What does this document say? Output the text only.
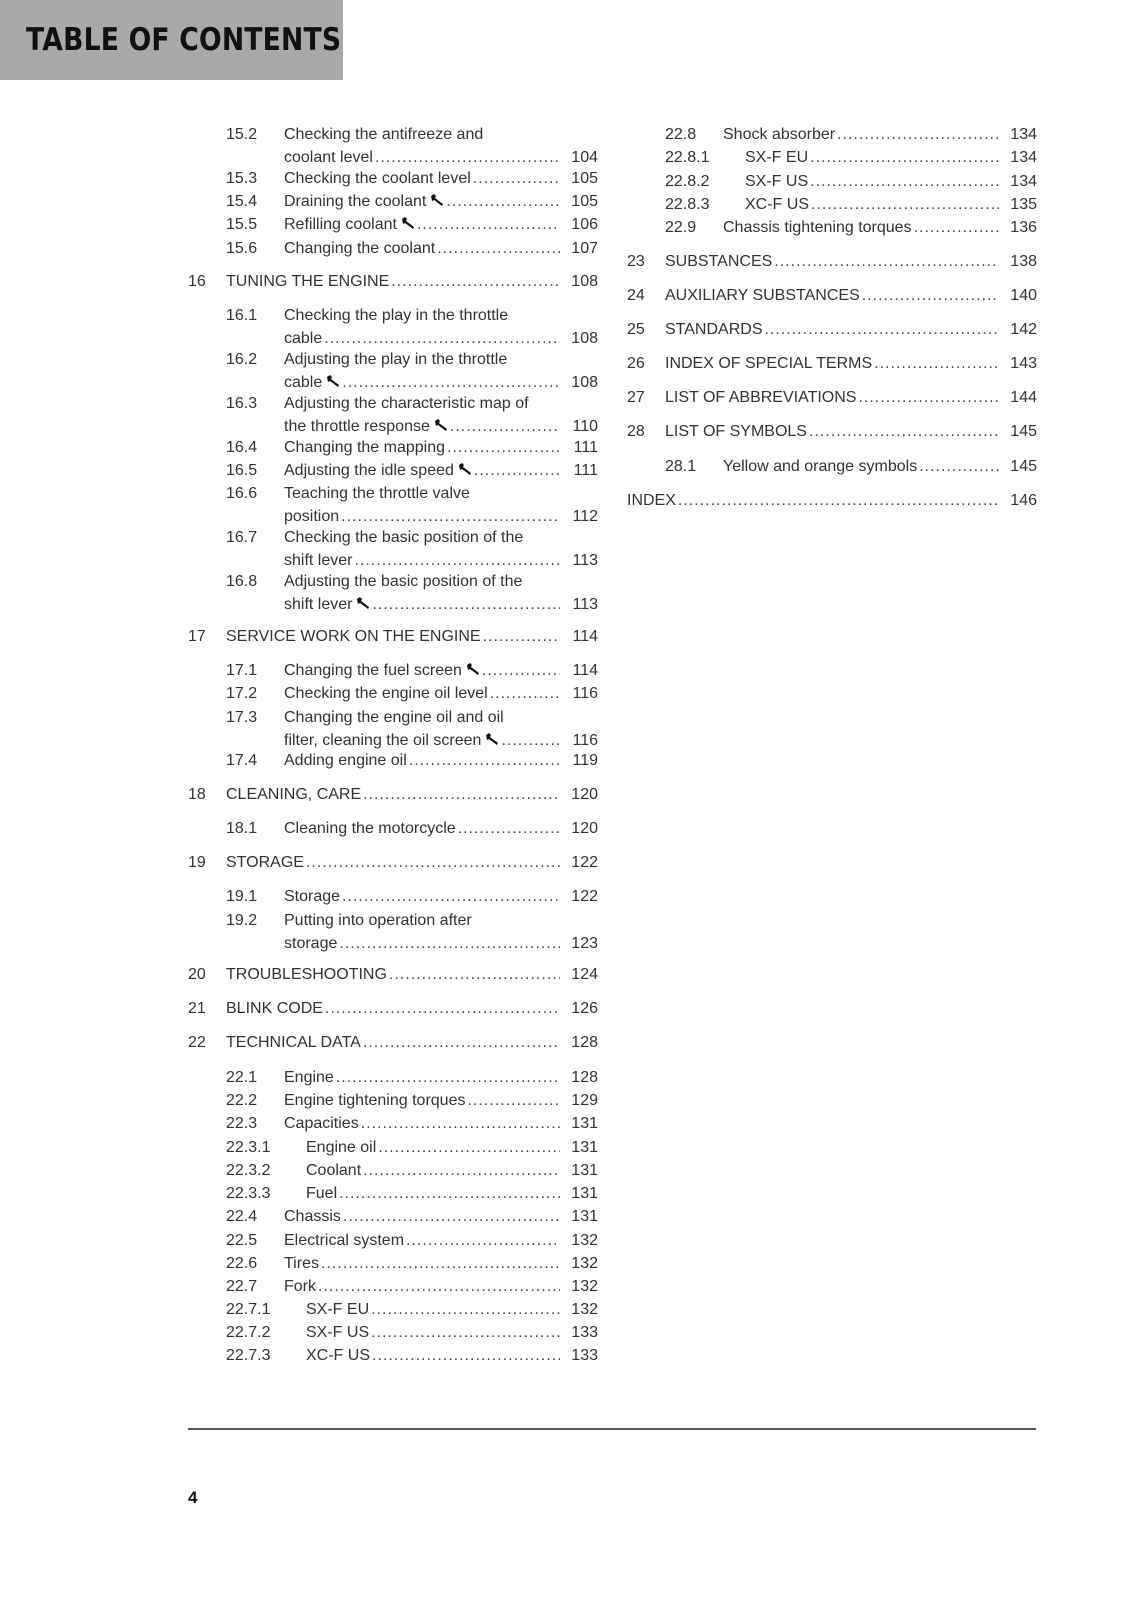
TABLE OF CONTENTS
15.2 Checking the antifreeze and
coolant level .....	104
15.3 Checking the coolant level .....	105
15.4 Draining the coolant .....	105
15.5 Refilling coolant .....	106
15.6 Changing the coolant .....	107
16 TUNING THE ENGINE .....	108
16.1 Checking the play in the throttle
cable .....	108
16.2 Adjusting the play in the throttle
cable .....	108
16.3 Adjusting the characteristic map of
the throttle response .....	110
16.4 Changing the mapping .....	111
16.5 Adjusting the idle speed .....	111
16.6 Teaching the throttle valve
position .....	112
16.7 Checking the basic position of the
shift lever .....	113
16.8 Adjusting the basic position of the
shift lever .....	113
17 SERVICE WORK ON THE ENGINE .....	114
17.1 Changing the fuel screen .....	114
17.2 Checking the engine oil level .....	116
17.3 Changing the engine oil and oil
filter, cleaning the oil screen .....	116
17.4 Adding engine oil .....	119
18 CLEANING, CARE .....	120
18.1 Cleaning the motorcycle .....	120
19 STORAGE .....	122
19.1 Storage .....	122
19.2 Putting into operation after
storage .....	123
20 TROUBLESHOOTING .....	124
21 BLINK CODE .....	126
22 TECHNICAL DATA .....	128
22.1 Engine .....	128
22.2 Engine tightening torques .....	129
22.3 Capacities .....	131
22.3.1 Engine oil .....	131
22.3.2 Coolant .....	131
22.3.3 Fuel .....	131
22.4 Chassis .....	131
22.5 Electrical system .....	132
22.6 Tires .....	132
22.7 Fork .....	132
22.7.1 SX-F EU .....	132
22.7.2 SX-F US .....	133
22.7.3 XC-F US .....	133
22.8 Shock absorber .....	134
22.8.1 SX-F EU .....	134
22.8.2 SX-F US .....	134
22.8.3 XC-F US .....	135
22.9 Chassis tightening torques .....	136
23 SUBSTANCES .....	138
24 AUXILIARY SUBSTANCES .....	140
25 STANDARDS .....	142
26 INDEX OF SPECIAL TERMS .....	143
27 LIST OF ABBREVIATIONS .....	144
28 LIST OF SYMBOLS .....	145
28.1 Yellow and orange symbols .....	145
INDEX .....	146
4
